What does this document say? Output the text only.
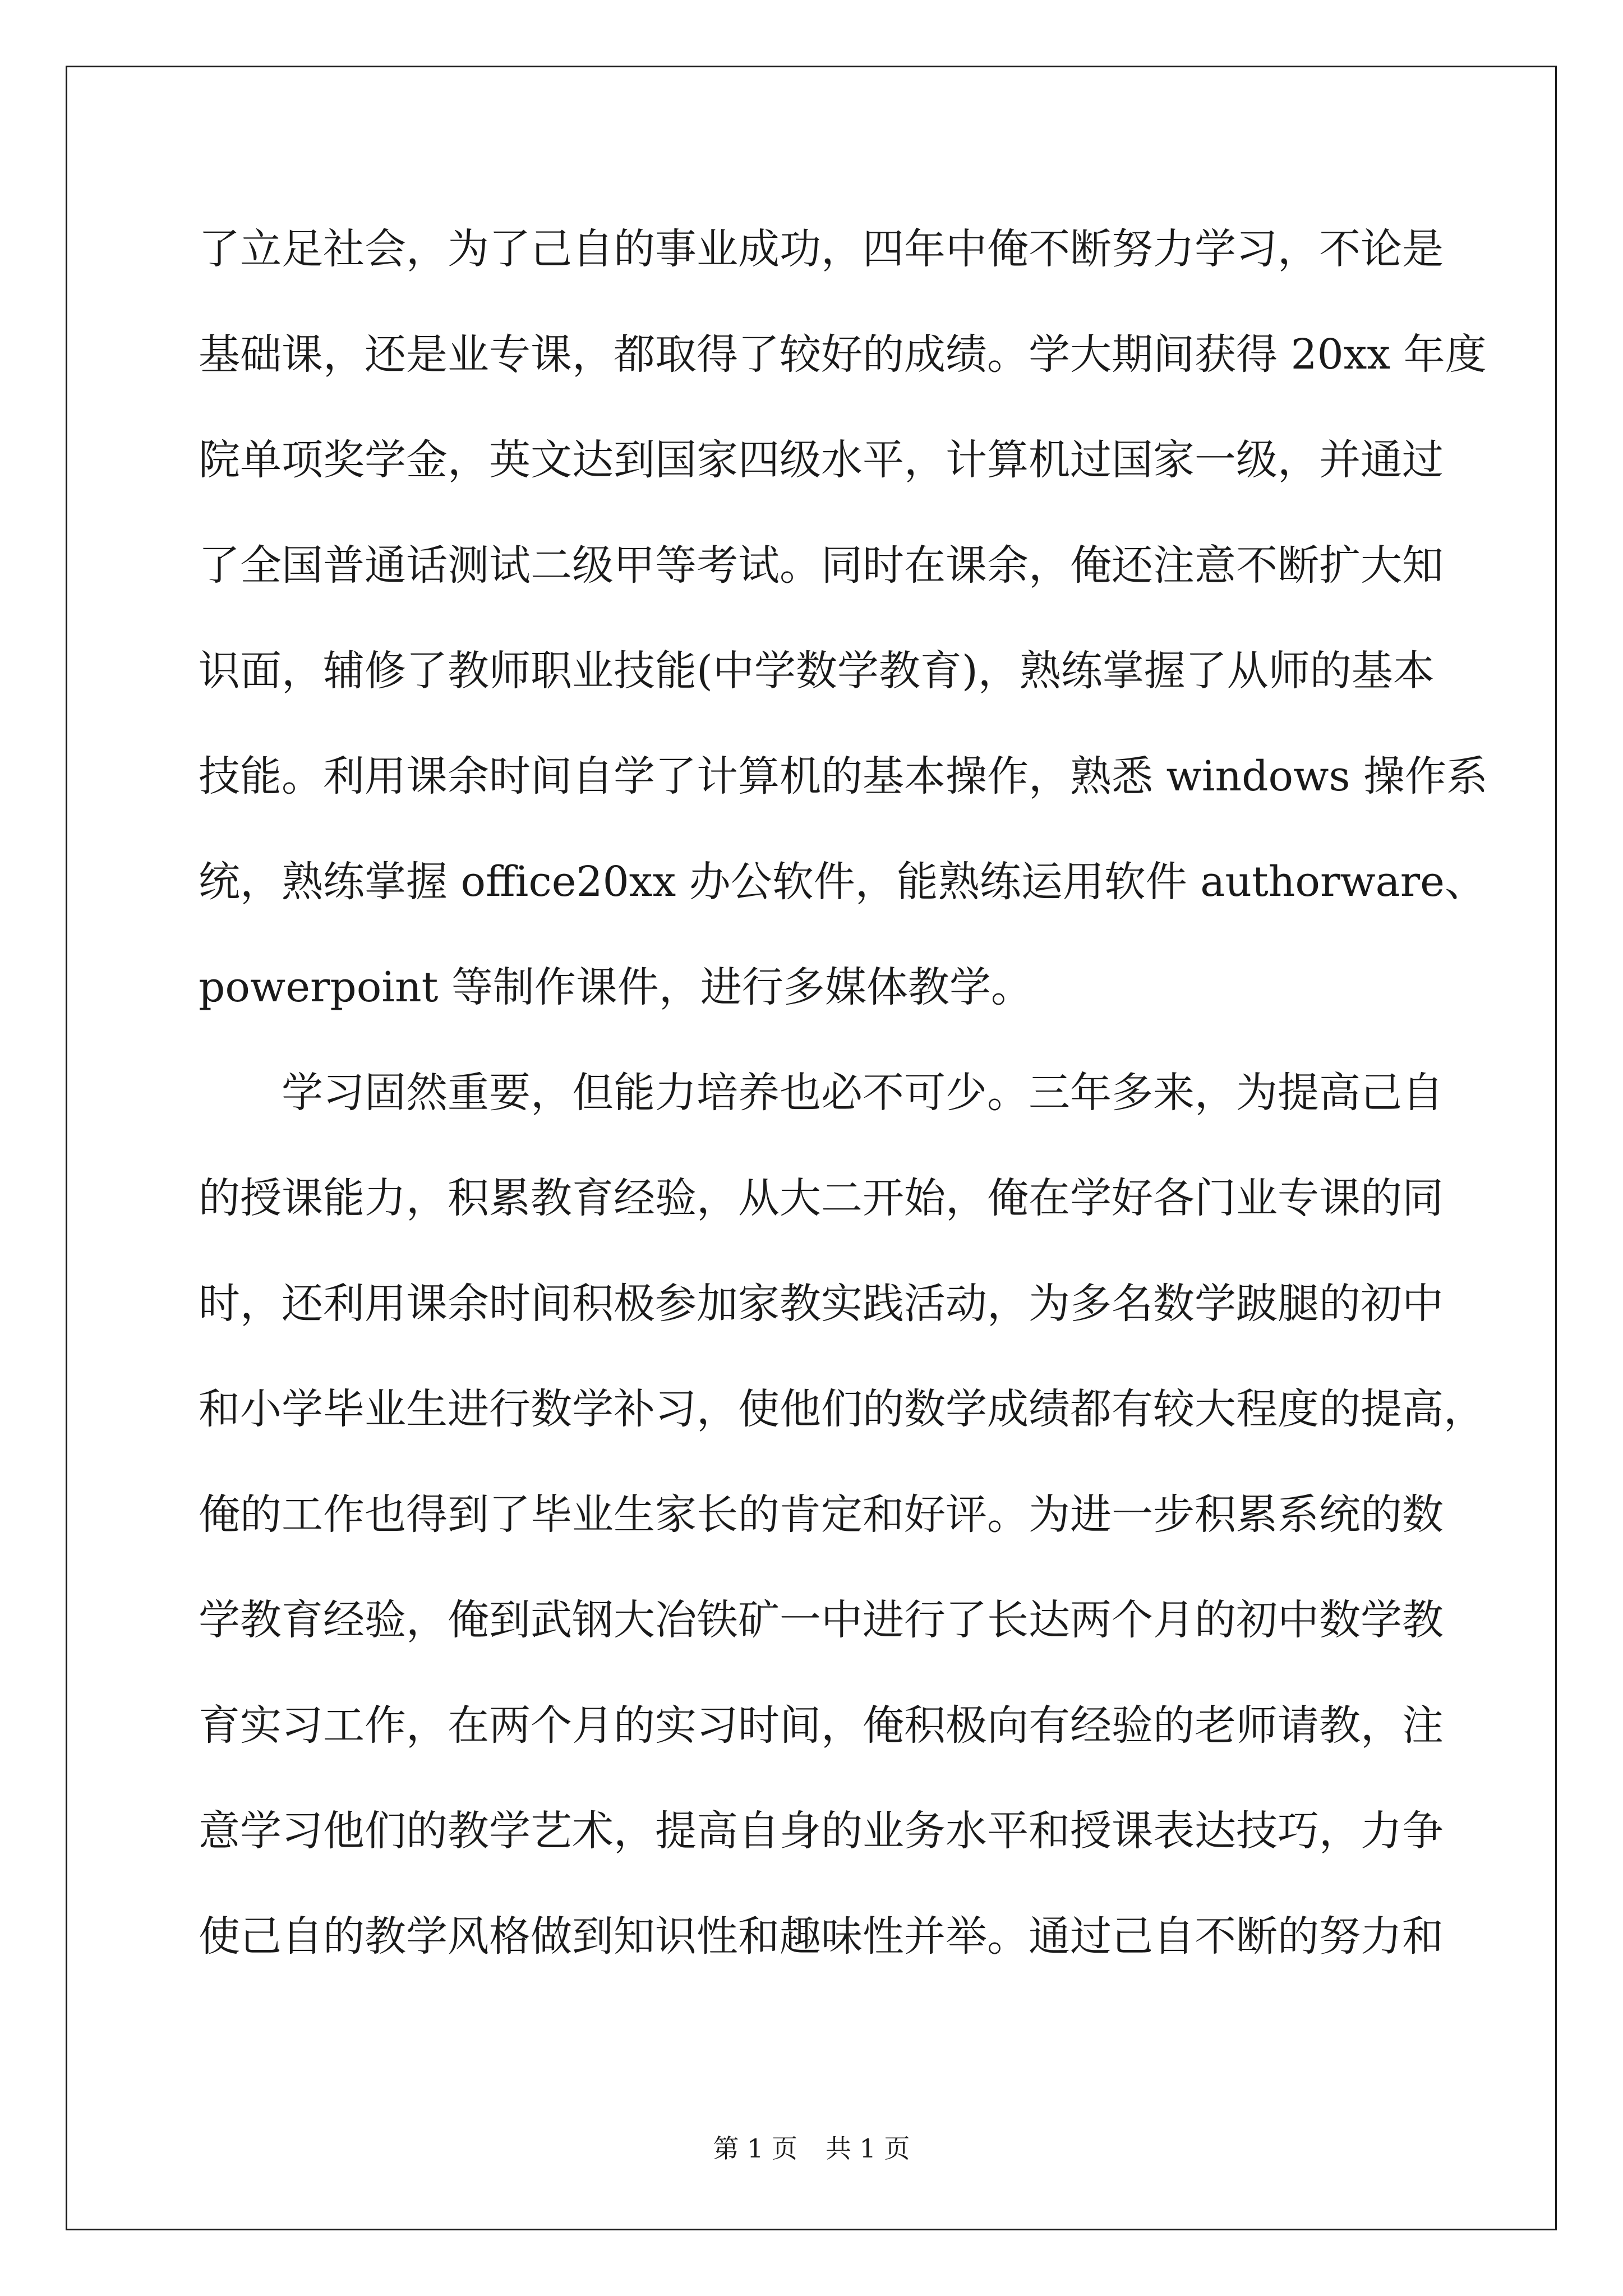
了立足社会，为了己自的事业成功，四年中俺不断努力学习，不论是
基础课，还是业专课，都取得了较好的成绩。学大期间获得 20xx 年度
院单项奖学金，英文达到国家四级水平，计算机过国家一级，并通过
了全国普通话测试二级甲等考试。同时在课余，俺还注意不断扩大知
识面，辅修了教师职业技能(中学数学教育)，熟练掌握了从师的基本
技能。利用课余时间自学了计算机的基本操作，熟悉 windows 操作系
统，熟练掌握 office20xx 办公软件，能熟练运用软件 authorware、
powerpoint 等制作课件，进行多媒体教学。
学习固然重要，但能力培养也必不可少。三年多来，为提高己自
的授课能力，积累教育经验，从大二开始，俺在学好各门业专课的同
时，还利用课余时间积极参加家教实践活动，为多名数学跛腿的初中
和小学毕业生进行数学补习，使他们的数学成绩都有较大程度的提高，
俺的工作也得到了毕业生家长的肯定和好评。为进一步积累系统的数
学教育经验，俺到武钢大冶铁矿一中进行了长达两个月的初中数学教
育实习工作，在两个月的实习时间，俺积极向有经验的老师请教，注
意学习他们的教学艺术，提高自身的业务水平和授课表达技巧，力争
使己自的教学风格做到知识性和趣味性并举。通过己自不断的努力和
第 1 页 共 1 页
